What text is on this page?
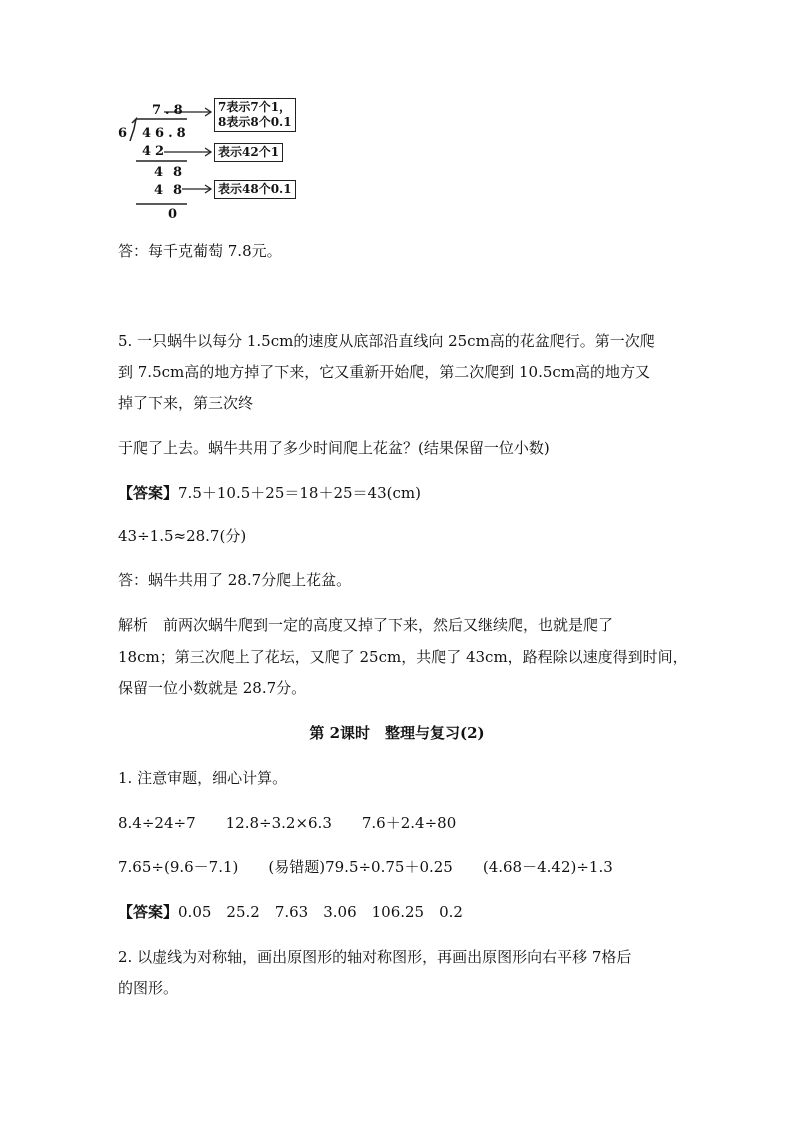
7.8
6 46.8
42
48
48
0
7表示7个1，
8表示8个0.1
表示42个1
表示48个0.1
答：每千克葡萄 7.8元。
5. 一只蜗牛以每分 1.5cm的速度从底部沿直线向 25cm高的花盆爬行。第一次爬
到 7.5cm高的地方掉了下来，它又重新开始爬，第二次爬到 10.5cm高的地方又
掉了下来，第三次终
于爬了上去。蜗牛共用了多少时间爬上花盆？(结果保留一位小数)
【答案】7.5＋10.5＋25＝18＋25＝43(cm)
43÷1.5≈28.7(分)
答：蜗牛共用了 28.7分爬上花盆。
解析　前两次蜗牛爬到一定的高度又掉了下来，然后又继续爬，也就是爬了
18cm；第三次爬上了花坛，又爬了 25cm，共爬了 43cm，路程除以速度得到时间，
保留一位小数就是 28.7分。
第 2课时　整理与复习(2)
1. 注意审题，细心计算。
8.4÷24÷7　　12.8÷3.2×6.3　　7.6＋2.4÷80
7.65÷(9.6－7.1)　　(易错题)79.5÷0.75＋0.25　　(4.68－4.42)÷1.3
【答案】0.05　25.2　7.63　3.06　106.25　0.2
2. 以虚线为对称轴，画出原图形的轴对称图形，再画出原图形向右平移 7格后
的图形。
